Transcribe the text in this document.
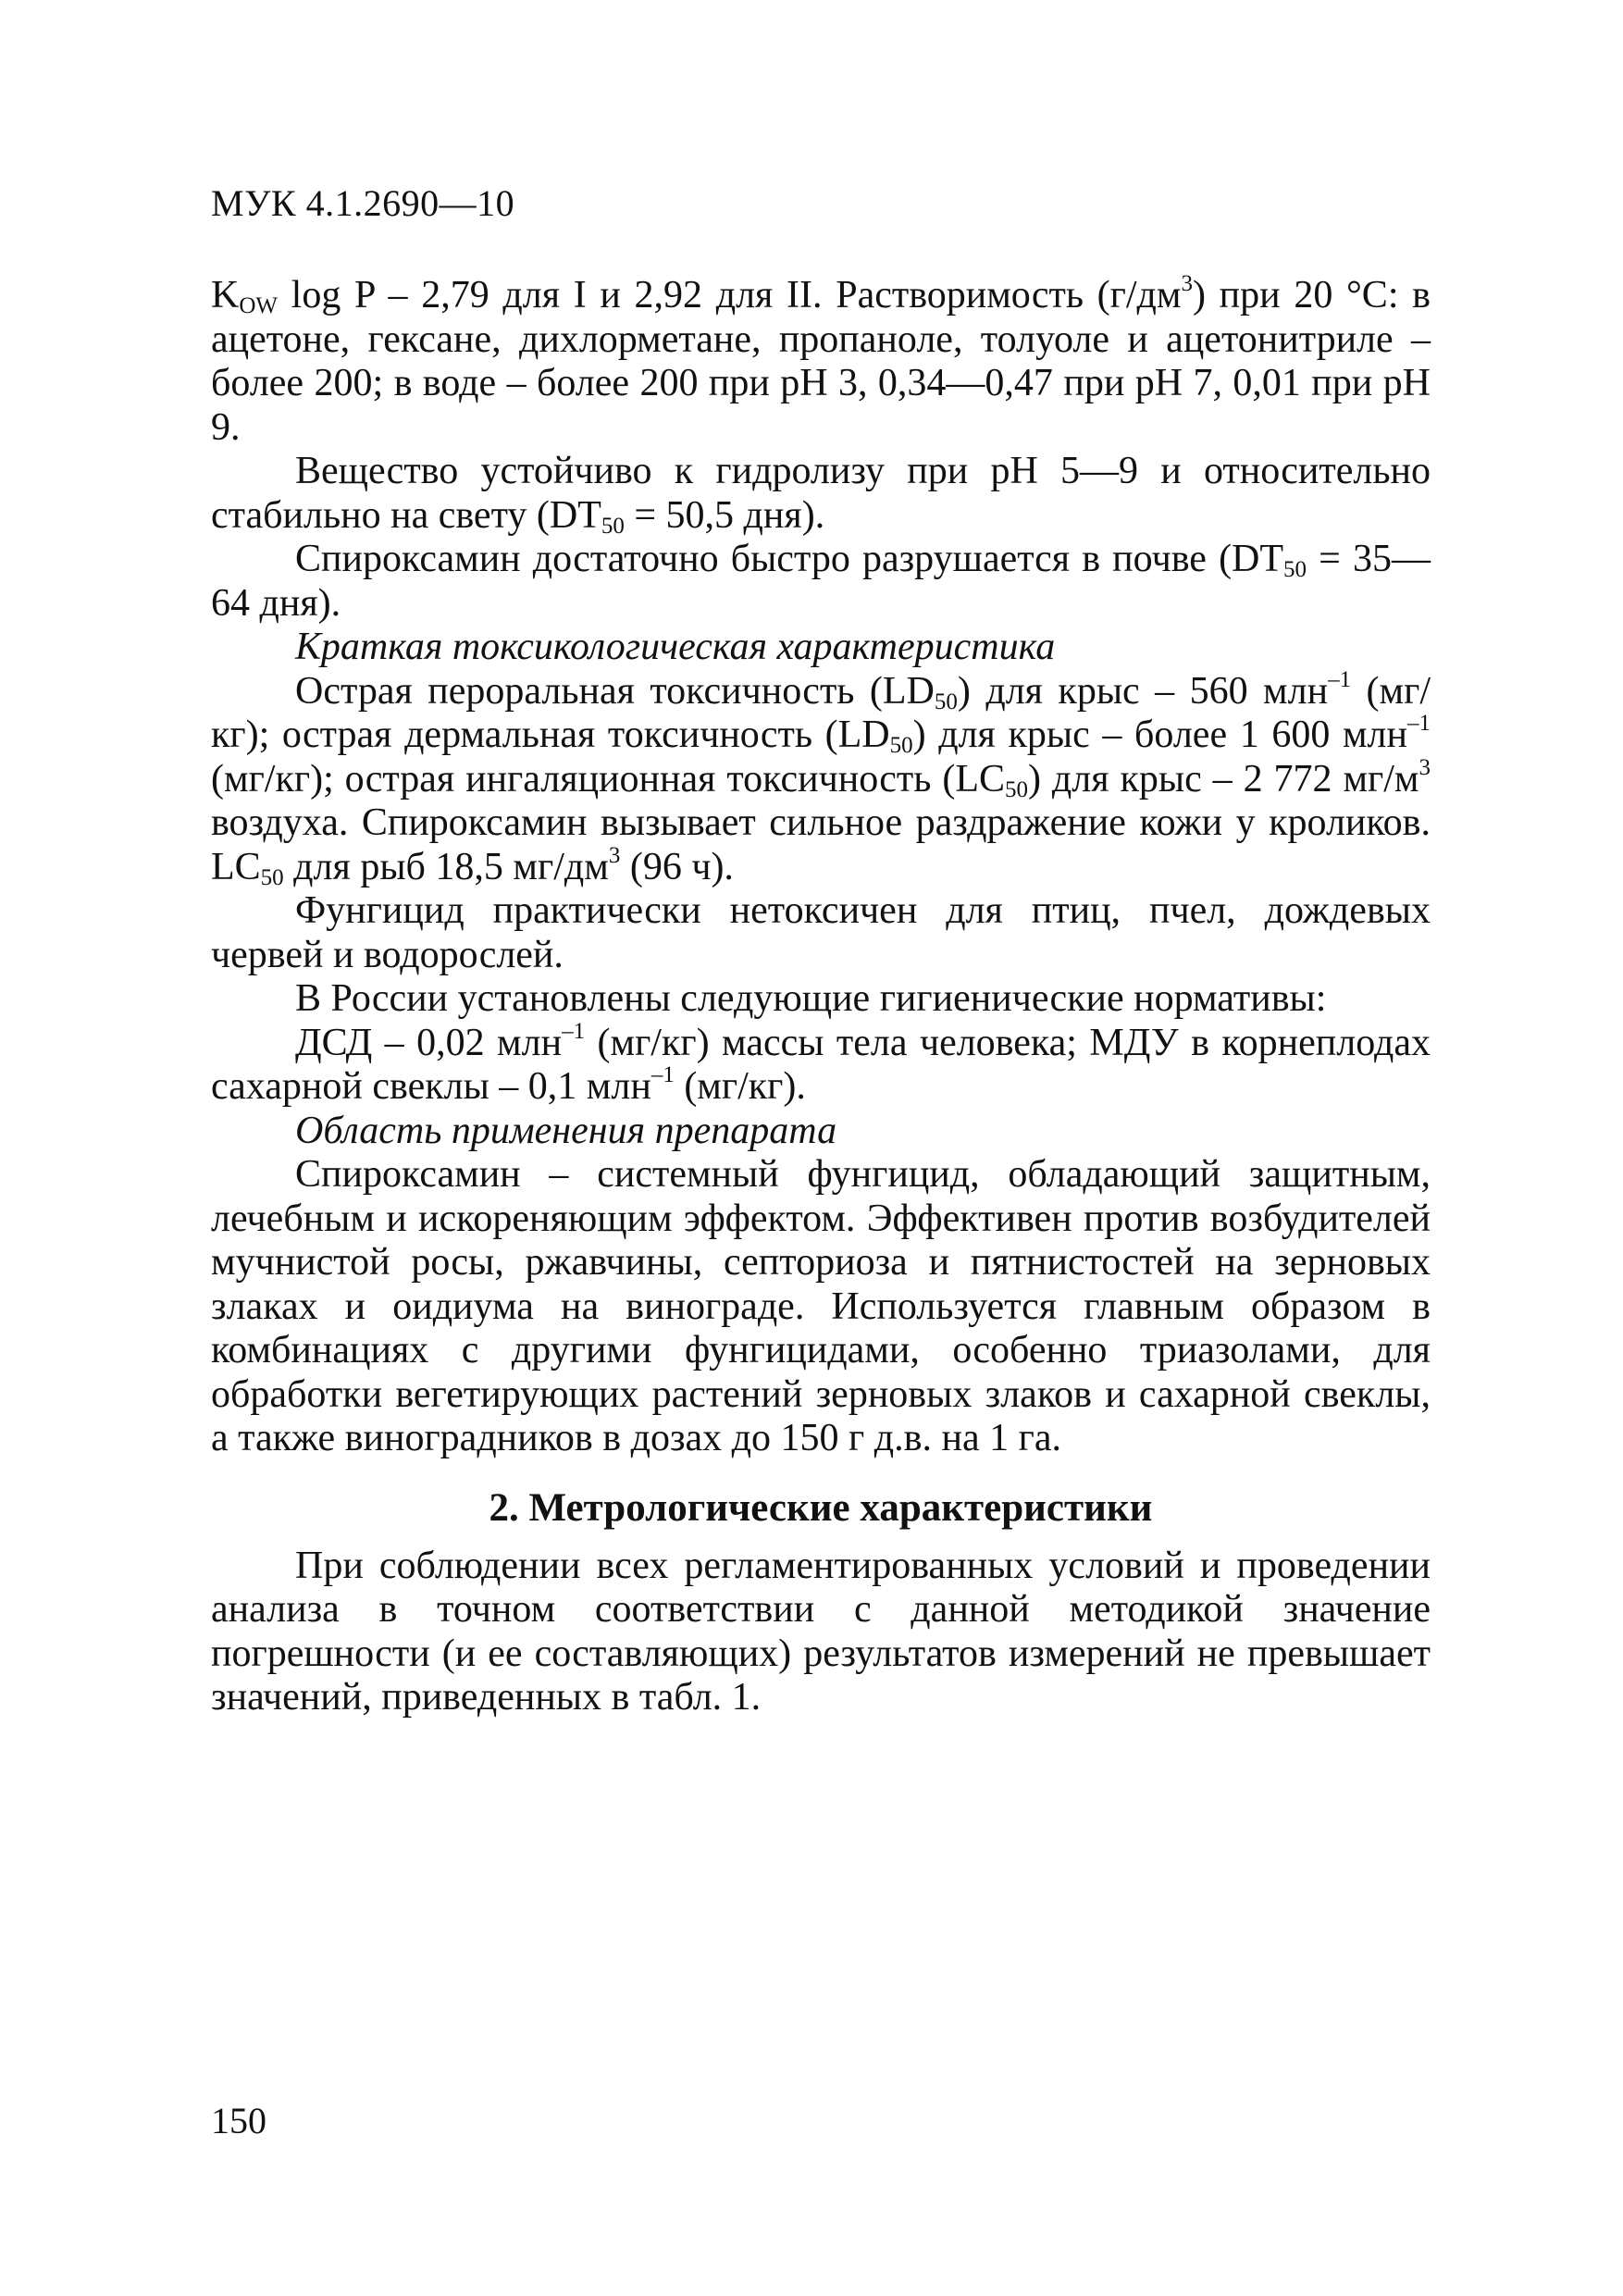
МУК 4.1.2690—10

$K_{OW}$ log P – 2,79 для I и 2,92 для II. Растворимость $(г/дм^3)$ при 20 °С: в ацетоне, гексане, дихлорметане, пропаноле, толуоле и ацетонитриле – более 200; в воде – более 200 при pH 3, 0,34—0,47 при pH 7, 0,01 при pH 9.

Вещество устойчиво к гидролизу при pH 5—9 и относительно стабильно на свету ($DT_{50} = 50,5$ дня).

Спироксамин достаточно быстро разрушается в почве ($DT_{50}$ = 35—64 дня).

Краткая токсикологическая характеристика

Острая пероральная токсичность $(LD_{50})$ для крыс – 560 млн$^{-1}$ (мг/кг); острая дермальная токсичность $(LD_{50})$ для крыс – более 1 600 млн$^{-1}$ (мг/кг); острая ингаляционная токсичность $(LC_{50})$ для крыс – 2 772 $мг/м^3$ воздуха. Спироксамин вызывает сильное раздражение кожи у кроликов. $LC_{50}$ для рыб 18,5 $мг/дм^3$ (96 ч).

Фунгицид практически нетоксичен для птиц, пчел, дождевых червей и водорослей.

В России установлены следующие гигиенические нормативы:

ДСД – 0,02 млн$^{-1}$ (мг/кг) массы тела человека; МДУ в корнеплодах сахарной свеклы – 0,1 млн$^{-1}$ (мг/кг).

Область применения препарата

Спироксамин – системный фунгицид, обладающий защитным, лечебным и искореняющим эффектом. Эффективен против возбудителей мучнистой росы, ржавчины, септориоза и пятнистостей на зерновых злаках и оидиума на винограде. Используется главным образом в комбинациях с другими фунгицидами, особенно триазолами, для обработки вегетирующих растений зерновых злаков и сахарной свеклы, а также виноградников в дозах до 150 г д.в. на 1 га.

2. Метрологические характеристики

При соблюдении всех регламентированных условий и проведении анализа в точном соответствии с данной методикой значение погрешности (и ее составляющих) результатов измерений не превышает значений, приведенных в табл. 1.

150
